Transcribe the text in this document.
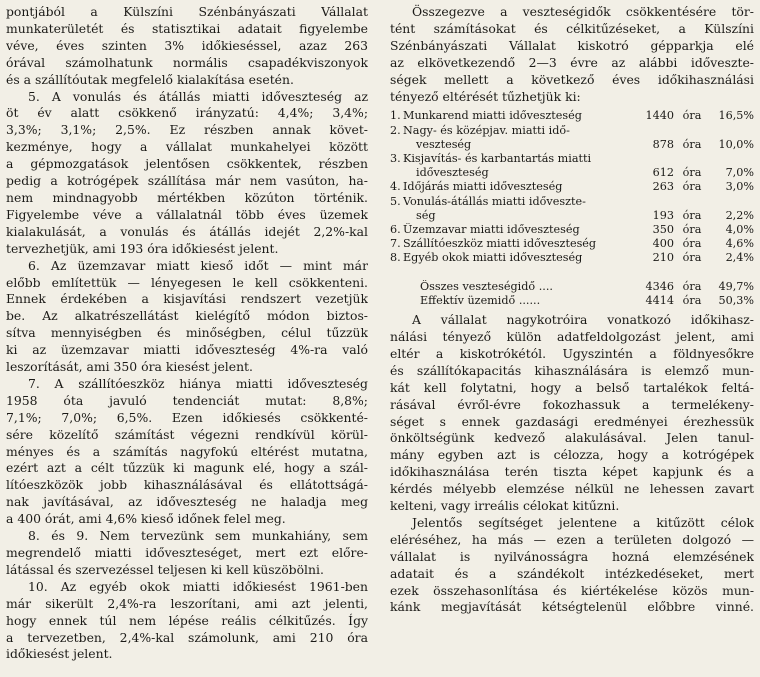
pontjából a Külszíni Szénbányászati Vállalat
munkaterületét és statisztikai adatait figyelembe
véve, éves szinten 3% időkieséssel, azaz 263
órával számolhatunk normális csapadékviszonyok
és a szállítóutak megfelelő kialakítása esetén.
5. A vonulás és átállás miatti időveszteség az
öt év alatt csökkenő irányzatú: 4,4%; 3,4%;
3,3%; 3,1%; 2,5%. Ez részben annak követ-
kezménye, hogy a vállalat munkahelyei között
a gépmozgatások jelentősen csökkentek, részben
pedig a kotrógépek szállítása már nem vasúton, ha-
nem mindnagyobb mértékben közúton történik.
Figyelembe véve a vállalatnál több éves üzemek
kialakulását, a vonulás és átállás idejét 2,2%-kal
tervezhetjük, ami 193 óra időkiesést jelent.
6. Az üzemzavar miatt kieső időt — mint már
előbb említettük — lényegesen le kell csökkenteni.
Ennek érdekében a kisjavítási rendszert vezetjük
be. Az alkatrészellátást kielégítő módon biztos-
sítva mennyiségben és minőségben, célul tűzzük
ki az üzemzavar miatti időveszteség 4%-ra való
leszorítását, ami 350 óra kiesést jelent.
7. A szállítóeszköz hiánya miatti időveszteség
1958 óta javuló tendenciát mutat: 8,8%;
7,1%; 7,0%; 6,5%. Ezen időkiesés csökkenté-
sére közelítő számítást végezni rendkívül körül-
ményes és a számítás nagyfokú eltérést mutatna,
ezért azt a célt tűzzük ki magunk elé, hogy a szál-
lítóeszközök jobb kihasználásával és ellátottságá-
nak javításával, az időveszteség ne haladja meg
a 400 órát, ami 4,6% kieső időnek felel meg.
8. és 9. Nem tervezünk sem munkahiány, sem
megrendelő miatti időveszteséget, mert ezt előre-
látással és szervezéssel teljesen ki kell küszöbölni.
10. Az egyéb okok miatti időkiesést 1961-ben
már sikerült 2,4%-ra leszorítani, ami azt jelenti,
hogy ennek túl nem lépése reális célkitűzés. Így
a tervezetben, 2,4%-kal számolunk, ami 210 óra
időkiesést jelent.
Összegezve a veszteségidők csökkentésére tör-
tént számításokat és célkitűzéseket, a Külszíni
Szénbányászati Vállalat kiskotró gépparkja elé
az elkövetkezendő 2—3 évre az alábbi időveszte-
ségek mellett a következő éves időkihasználási
tényező eltérését tűzhetjük ki:
1. Munkarend miatti időveszteség	1440 óra	16,5%
2. Nagy- és középjav. miatti idő-
veszteség	878 óra	10,0%
3. Kisjavítás- és karbantartás miatti
időveszteség	612 óra	7,0%
4. Időjárás miatti időveszteség	263 óra	3,0%
5. Vonulás-átállás miatti időveszte-
ség	193 óra	2,2%
6. Üzemzavar miatti időveszteség	350 óra	4,0%
7. Szállítóeszköz miatti időveszteség	400 óra	4,6%
8. Egyéb okok miatti időveszteség	210 óra	2,4%
Összes veszteségidő ....	4346 óra	49,7%
Effektív üzemidő ......	4414 óra	50,3%
A vállalat nagykotróira vonatkozó időkihasz-
nálási tényező külön adatfeldolgozást jelent, ami
eltér a kiskotrókétól. Ugyszintén a földnyesőkre
és szállítókapacitás kihasználására is elemző mun-
kát kell folytatni, hogy a belső tartalékok feltá-
rásával évről-évre fokozhassuk a termelékeny-
séget s ennek gazdasági eredményei érezhessük
önköltségünk kedvező alakulásával. Jelen tanul-
mány egyben azt is célozza, hogy a kotrógépek
időkihasználása terén tiszta képet kapjunk és a
kérdés mélyebb elemzése nélkül ne lehessen zavart
kelteni, vagy irreális célokat kitűzni.
Jelentős segítséget jelentene a kitűzött célok
eléréséhez, ha más — ezen a területen dolgozó —
vállalat is nyilvánosságra hozná elemzésének
adatait és a szándékolt intézkedéseket, mert
ezek összehasonlítása és kiértékelése közös mun-
kánk megjavítását kétségtelenül előbbre vinné.
